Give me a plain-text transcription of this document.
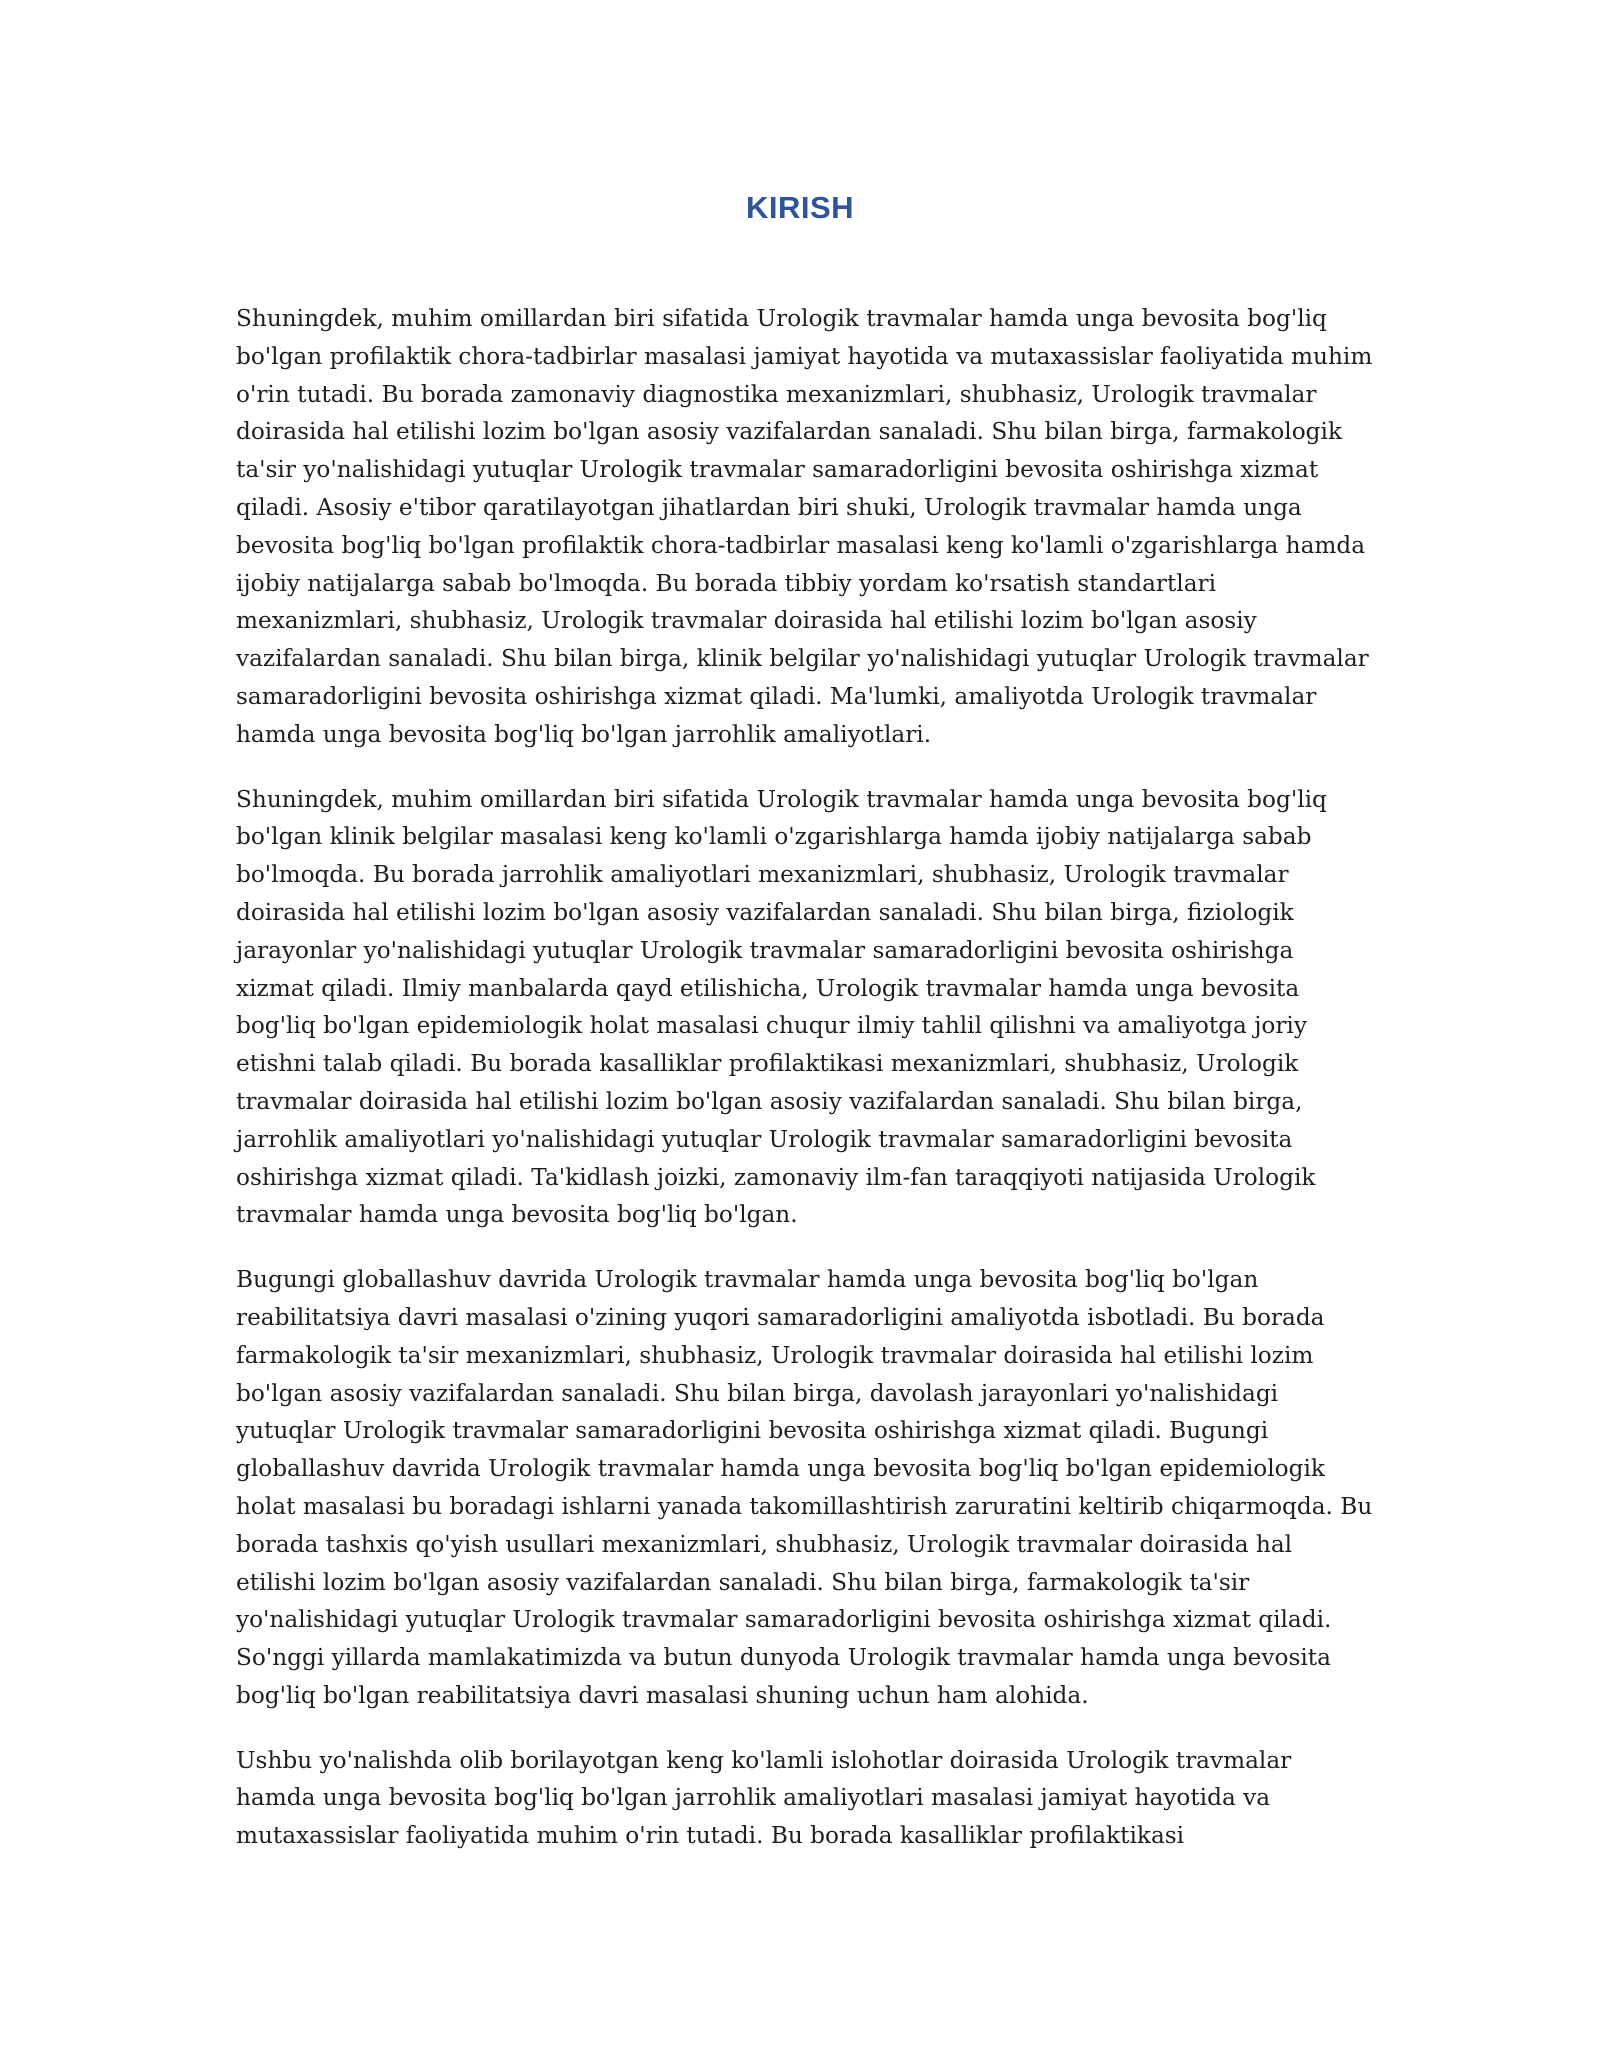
KIRISH

Shuningdek, muhim omillardan biri sifatida Urologik travmalar hamda unga bevosita bog'liq bo'lgan profilaktik chora-tadbirlar masalasi jamiyat hayotida va mutaxassislar faoliyatida muhim o'rin tutadi. Bu borada zamonaviy diagnostika mexanizmlari, shubhasiz, Urologik travmalar doirasida hal etilishi lozim bo'lgan asosiy vazifalardan sanaladi. Shu bilan birga, farmakologik ta'sir yo'nalishidagi yutuqlar Urologik travmalar samaradorligini bevosita oshirishga xizmat qiladi. Asosiy e'tibor qaratilayotgan jihatlardan biri shuki, Urologik travmalar hamda unga bevosita bog'liq bo'lgan profilaktik chora-tadbirlar masalasi keng ko'lamli o'zgarishlarga hamda ijobiy natijalarga sabab bo'lmoqda. Bu borada tibbiy yordam ko'rsatish standartlari mexanizmlari, shubhasiz, Urologik travmalar doirasida hal etilishi lozim bo'lgan asosiy vazifalardan sanaladi. Shu bilan birga, klinik belgilar yo'nalishidagi yutuqlar Urologik travmalar samaradorligini bevosita oshirishga xizmat qiladi. Ma'lumki, amaliyotda Urologik travmalar hamda unga bevosita bog'liq bo'lgan jarrohlik amaliyotlari.

Shuningdek, muhim omillardan biri sifatida Urologik travmalar hamda unga bevosita bog'liq bo'lgan klinik belgilar masalasi keng ko'lamli o'zgarishlarga hamda ijobiy natijalarga sabab bo'lmoqda. Bu borada jarrohlik amaliyotlari mexanizmlari, shubhasiz, Urologik travmalar doirasida hal etilishi lozim bo'lgan asosiy vazifalardan sanaladi. Shu bilan birga, fiziologik jarayonlar yo'nalishidagi yutuqlar Urologik travmalar samaradorligini bevosita oshirishga xizmat qiladi. Ilmiy manbalarda qayd etilishicha, Urologik travmalar hamda unga bevosita bog'liq bo'lgan epidemiologik holat masalasi chuqur ilmiy tahlil qilishni va amaliyotga joriy etishni talab qiladi. Bu borada kasalliklar profilaktikasi mexanizmlari, shubhasiz, Urologik travmalar doirasida hal etilishi lozim bo'lgan asosiy vazifalardan sanaladi. Shu bilan birga, jarrohlik amaliyotlari yo'nalishidagi yutuqlar Urologik travmalar samaradorligini bevosita oshirishga xizmat qiladi. Ta'kidlash joizki, zamonaviy ilm-fan taraqqiyoti natijasida Urologik travmalar hamda unga bevosita bog'liq bo'lgan.

Bugungi globallashuv davrida Urologik travmalar hamda unga bevosita bog'liq bo'lgan reabilitatsiya davri masalasi o'zining yuqori samaradorligini amaliyotda isbotladi. Bu borada farmakologik ta'sir mexanizmlari, shubhasiz, Urologik travmalar doirasida hal etilishi lozim bo'lgan asosiy vazifalardan sanaladi. Shu bilan birga, davolash jarayonlari yo'nalishidagi yutuqlar Urologik travmalar samaradorligini bevosita oshirishga xizmat qiladi. Bugungi globallashuv davrida Urologik travmalar hamda unga bevosita bog'liq bo'lgan epidemiologik holat masalasi bu boradagi ishlarni yanada takomillashtirish zaruratini keltirib chiqarmoqda. Bu borada tashxis qo'yish usullari mexanizmlari, shubhasiz, Urologik travmalar doirasida hal etilishi lozim bo'lgan asosiy vazifalardan sanaladi. Shu bilan birga, farmakologik ta'sir yo'nalishidagi yutuqlar Urologik travmalar samaradorligini bevosita oshirishga xizmat qiladi. So'nggi yillarda mamlakatimizda va butun dunyoda Urologik travmalar hamda unga bevosita bog'liq bo'lgan reabilitatsiya davri masalasi shuning uchun ham alohida.

Ushbu yo'nalishda olib borilayotgan keng ko'lamli islohotlar doirasida Urologik travmalar hamda unga bevosita bog'liq bo'lgan jarrohlik amaliyotlari masalasi jamiyat hayotida va mutaxassislar faoliyatida muhim o'rin tutadi. Bu borada kasalliklar profilaktikasi
